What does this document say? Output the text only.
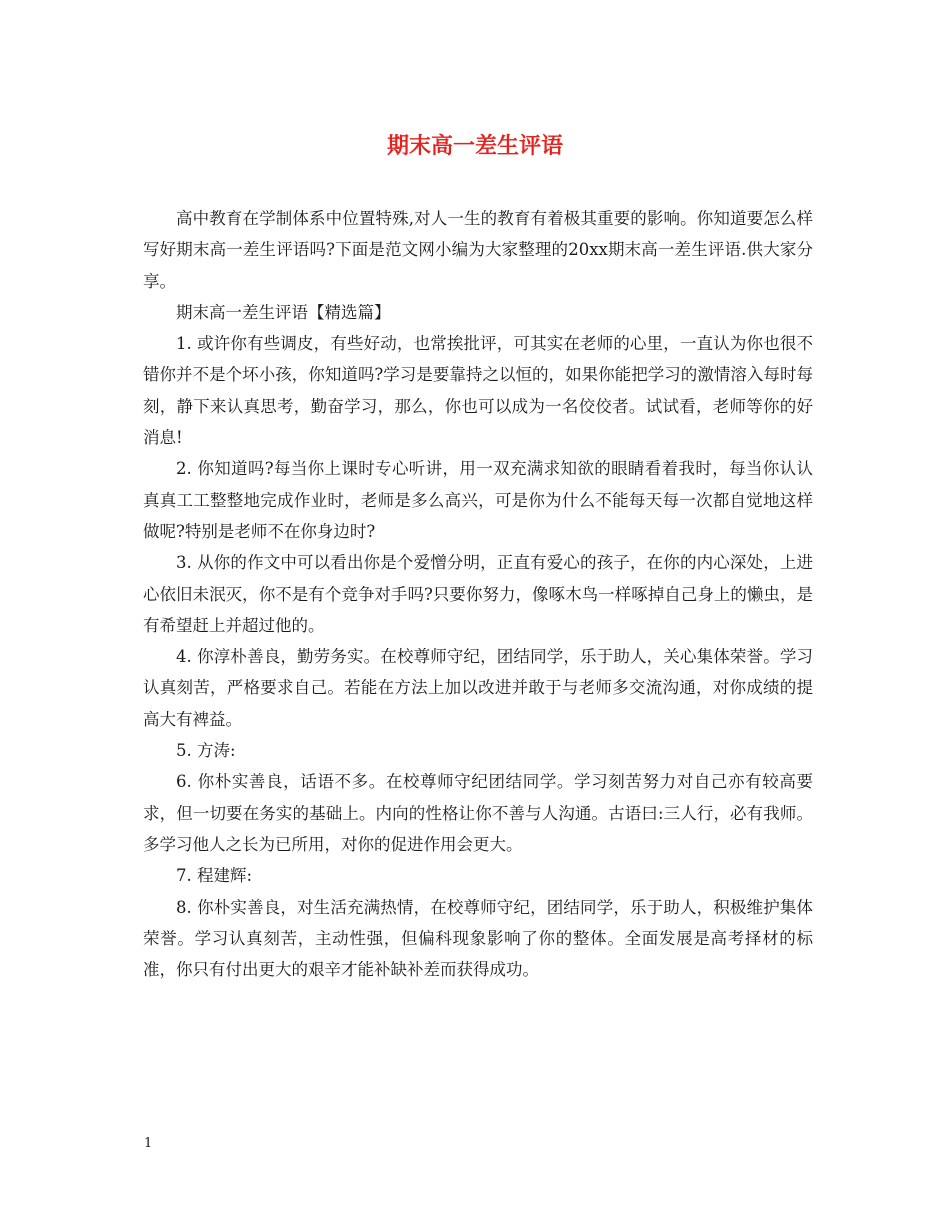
期末高一差生评语

高中教育在学制体系中位置特殊,对人一生的教育有着极其重要的影响。你知道要怎么样写好期末高一差生评语吗?下面是范文网小编为大家整理的20xx期末高一差生评语.供大家分享。

期末高一差生评语【精选篇】

1. 或许你有些调皮，有些好动，也常挨批评，可其实在老师的心里，一直认为你也很不错你并不是个坏小孩，你知道吗?学习是要靠持之以恒的，如果你能把学习的激情溶入每时每刻，静下来认真思考，勤奋学习，那么，你也可以成为一名佼佼者。试试看，老师等你的好消息!

2. 你知道吗?每当你上课时专心听讲，用一双充满求知欲的眼睛看着我时，每当你认认真真工工整整地完成作业时，老师是多么高兴，可是你为什么不能每天每一次都自觉地这样做呢?特别是老师不在你身边时?

3. 从你的作文中可以看出你是个爱憎分明，正直有爱心的孩子，在你的内心深处，上进心依旧未泯灭，你不是有个竞争对手吗?只要你努力，像啄木鸟一样啄掉自己身上的懒虫，是有希望赶上并超过他的。

4. 你淳朴善良，勤劳务实。在校尊师守纪，团结同学，乐于助人，关心集体荣誉。学习认真刻苦，严格要求自己。若能在方法上加以改进并敢于与老师多交流沟通，对你成绩的提高大有裨益。

5. 方涛:

6. 你朴实善良，话语不多。在校尊师守纪团结同学。学习刻苦努力对自己亦有较高要求，但一切要在务实的基础上。内向的性格让你不善与人沟通。古语曰:三人行，必有我师。多学习他人之长为已所用，对你的促进作用会更大。

7. 程建辉:

8. 你朴实善良，对生活充满热情，在校尊师守纪，团结同学，乐于助人，积极维护集体荣誉。学习认真刻苦，主动性强，但偏科现象影响了你的整体。全面发展是高考择材的标准，你只有付出更大的艰辛才能补缺补差而获得成功。

1
